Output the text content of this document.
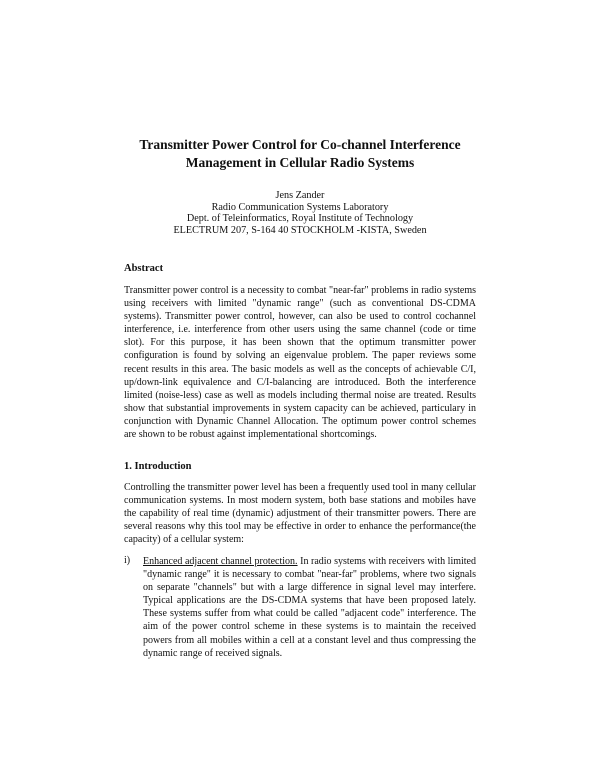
Transmitter Power Control for Co-channel Interference
Management in Cellular Radio Systems
Jens Zander
Radio Communication Systems Laboratory
Dept. of Teleinformatics, Royal Institute of Technology
ELECTRUM 207, S-164 40 STOCKHOLM -KISTA, Sweden
Abstract
Transmitter power control is a necessity to combat "near-far" problems in radio systems using receivers with limited "dynamic range" (such as conventional DS-CDMA systems). Transmitter power control, however, can also be used to control cochannel interference, i.e. interference from other users using the same channel (code or time slot). For this purpose, it has been shown that the optimum transmitter power configuration is found by solving an eigenvalue problem. The paper reviews some recent results in this area. The basic models as well as the concepts of achievable C/I, up/down-link equivalence and C/I-balancing are introduced. Both the interference limited (noise-less) case as well as models including thermal noise are treated. Results show that substantial improvements in system capacity can be achieved, particulary in conjunction with Dynamic Channel Allocation. The optimum power control schemes are shown to be robust against implementational shortcomings.
1. Introduction
Controlling the transmitter power level has been a frequently used tool in many cellular communication systems. In most modern system, both base stations and mobiles have the capability of real time (dynamic) adjustment of their transmitter powers. There are several reasons why this tool may be effective in order to enhance the performance(the capacity) of a cellular system:
i) Enhanced adjacent channel protection. In radio systems with receivers with limited "dynamic range" it is necessary to combat "near-far" problems, where two signals on separate "channels" but with a large difference in signal level may interfere. Typical applications are the DS-CDMA systems that have been proposed lately. These systems suffer from what could be called "adjacent code" interference. The aim of the power control scheme in these systems is to maintain the received powers from all mobiles within a cell at a constant level and thus compressing the dynamic range of received signals.
